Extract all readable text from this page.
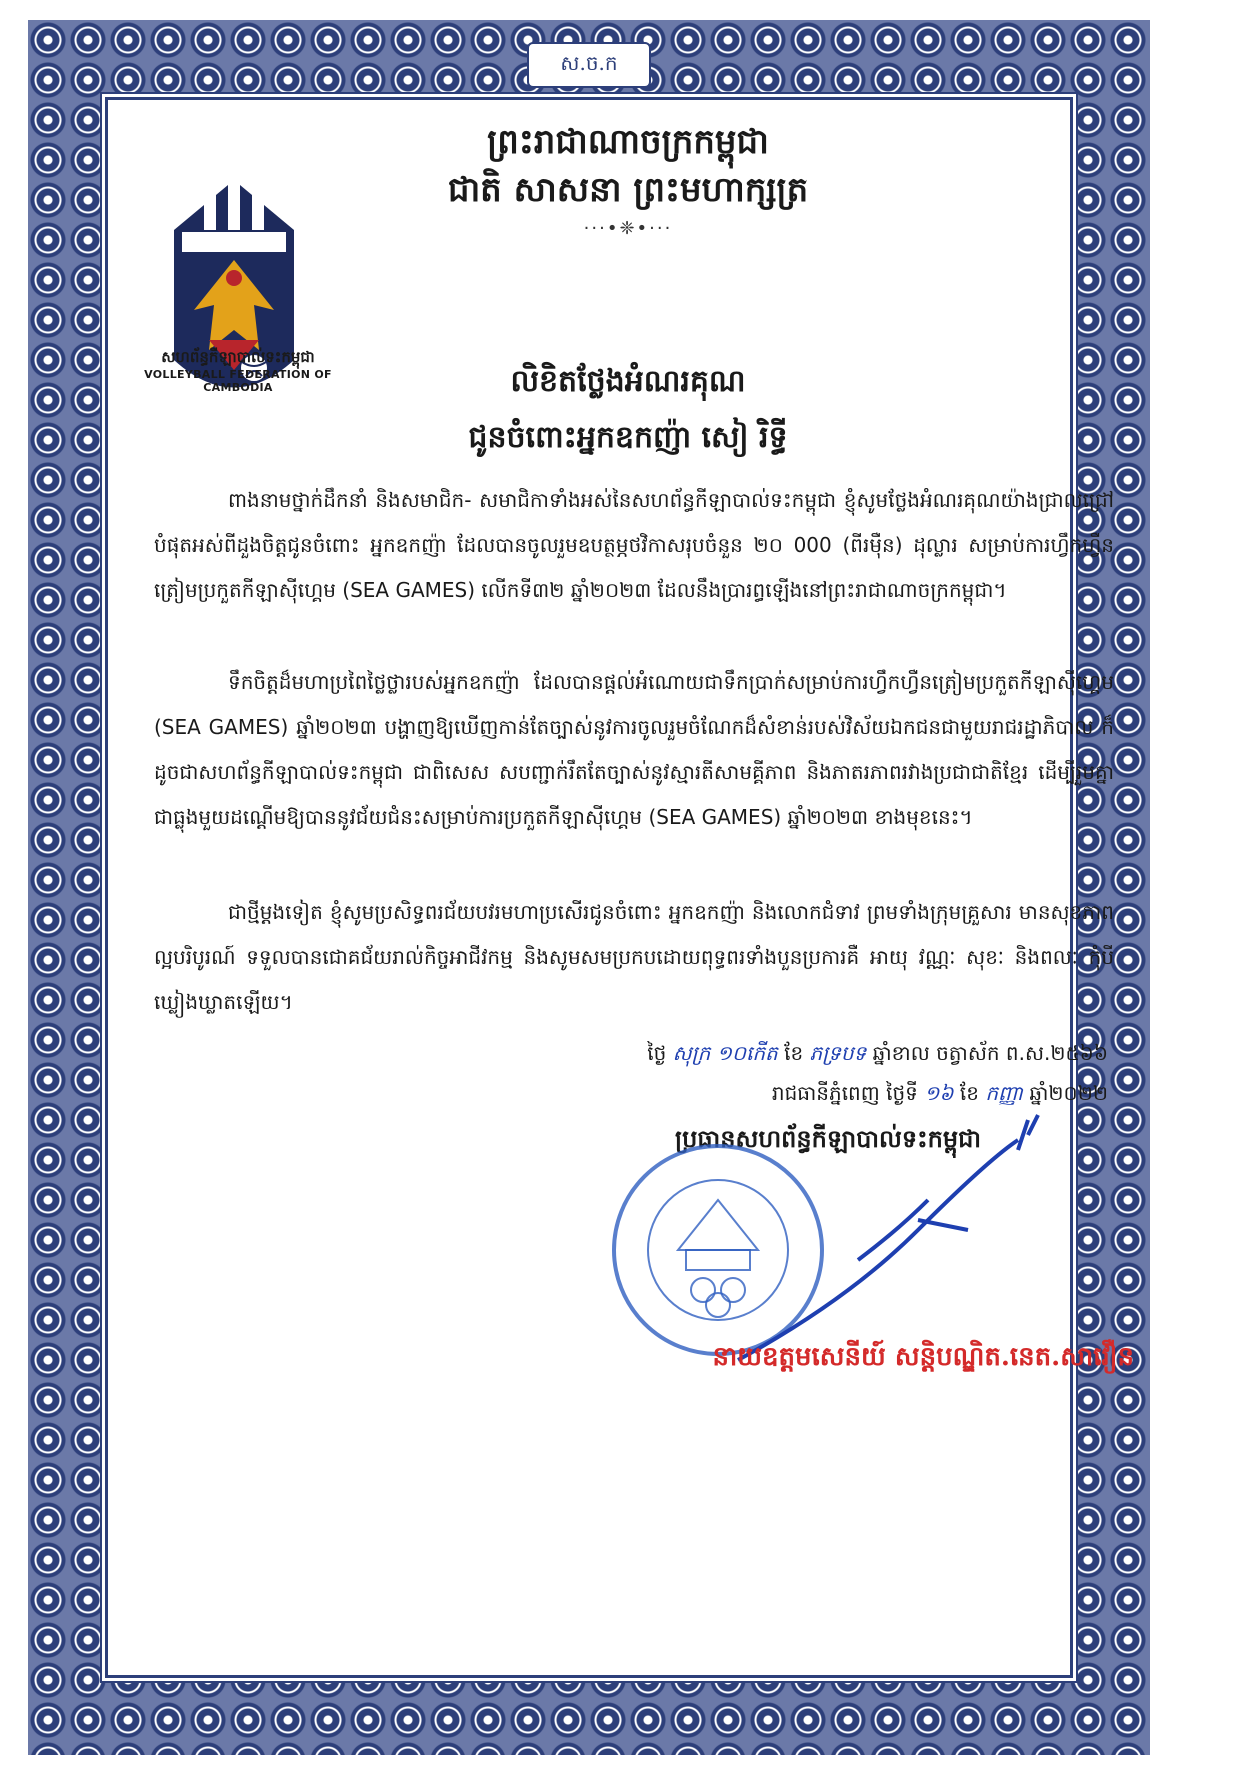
ស.ច.ក
ព្រះរាជាណាចក្រកម្ពុជា
ជាតិ សាសនា ព្រះមហាក្សត្រ
···•❈•···
សហព័ន្ធកីឡាបាល់ទះកម្ពុជា
VOLLEYBALL FEDERATION OF CAMBODIA	លិខិតថ្លែងអំណរគុណ
ជូនចំពោះអ្នកឧកញ៉ា សៀ រិទ្ធី
ពាងនាមថ្នាក់ដឹកនាំ និងសមាជិក- សមាជិកាទាំងអស់នៃសហព័ន្ធកីឡាបាល់ទះកម្ពុជា ខ្ញុំសូមថ្លែងអំណរគុណយ៉ាងជ្រាលជ្រៅបំផុតអស់ពីដួងចិត្តជូនចំពោះ អ្នកឧកញ៉ា ដែលបានចូលរួមឧបត្ថម្ភថវិកាសរុបចំនួន ២០ 000 (ពីរម៉ឺន) ដុល្លារ សម្រាប់ការហ្វឹកហ្វឺនត្រៀមប្រកួតកីឡាស៊ីហ្គេម (SEA GAMES) លើកទី៣២ ឆ្នាំ២០២៣ ដែលនឹងប្រារព្ធឡើងនៅព្រះរាជាណាចក្រកម្ពុជា។
ទឹកចិត្តដ៏មហាប្រពៃថ្លៃថ្លារបស់អ្នកឧកញ៉ា ដែលបានផ្តល់អំណោយជាទឹកប្រាក់សម្រាប់ការហ្វឹកហ្វឺនត្រៀមប្រកួតកីឡាស៊ីហ្គេម (SEA GAMES) ឆ្នាំ២០២៣ បង្ហាញឱ្យឃើញកាន់តែច្បាស់នូវការចូលរួមចំណែកដ៏សំខាន់របស់វិស័យឯកជនជាមួយរាជរដ្ឋាភិបាល ក៏ដូចជាសហព័ន្ធកីឡាបាល់ទះកម្ពុជា ជាពិសេស សបញ្ជាក់រឹតតែច្បាស់នូវស្មារតីសាមគ្គីភាព និងភាតរភាពរវាងប្រជាជាតិខ្មែរ ដើម្បីរួមគ្នាជាធ្លុងមួយដណ្តើមឱ្យបាននូវជ័យជំនះសម្រាប់ការប្រកួតកីឡាស៊ីហ្គេម (SEA GAMES) ឆ្នាំ២០២៣ ខាងមុខនេះ។
ជាថ្មីម្តងទៀត ខ្ញុំសូមប្រសិទ្ធពរជ័យបវរមហាប្រសើរជូនចំពោះ អ្នកឧកញ៉ា និងលោកជំទាវ ព្រមទាំងក្រុមគ្រួសារ មានសុខភាពល្អបរិបូរណ៍ ទទួលបានជោគជ័យរាល់កិច្ចអាជីវកម្ម និងសូមសមប្រកបដោយពុទ្ធពរទាំងបួនប្រការគឺ អាយុ វណ្ណៈ សុខៈ និងពលៈ កុំបីឃ្លៀងឃ្លាតឡើយ។
ថ្ងៃ សុក្រ ១០កើត ខែ ភទ្របទ ឆ្នាំខាល ចត្វាស័ក ព.ស.២៥៦៦
រាជធានីភ្នំពេញ ថ្ងៃទី ១៦ ខែ កញ្ញា ឆ្នាំ២០២២
ប្រធានសហព័ន្ធកីឡាបាល់ទះកម្ពុជា
នាយឧត្តមសេនីយ៍ សន្តិបណ្ឌិត.នេត.សាវឿន
